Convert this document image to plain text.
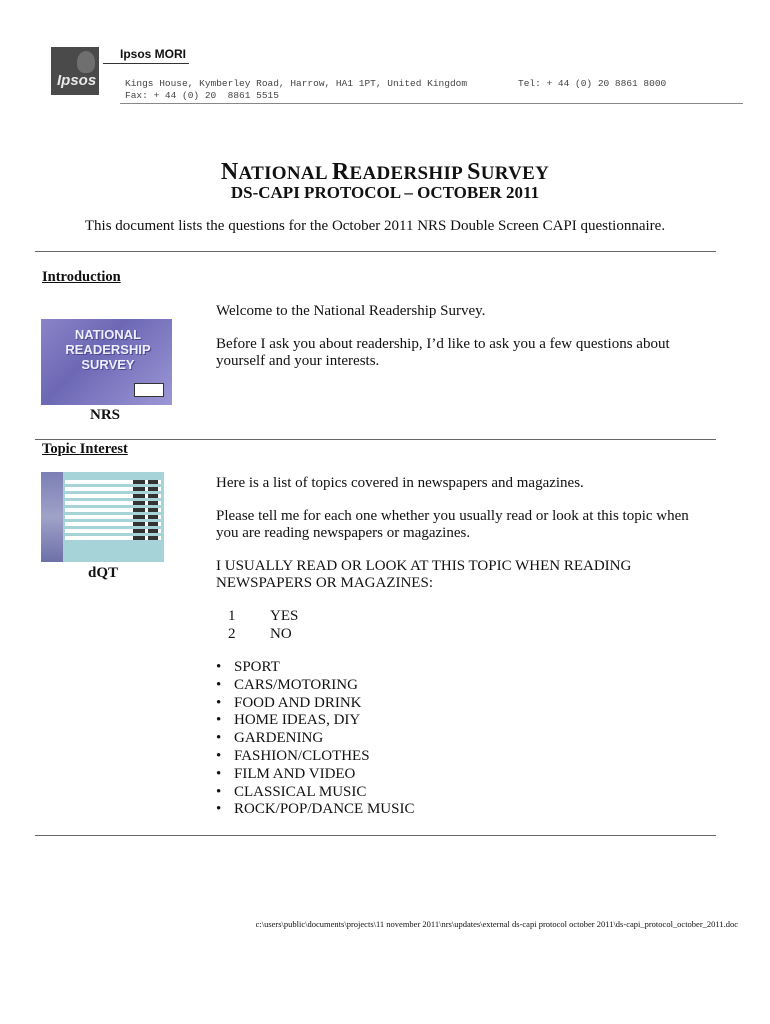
Ipsos
Ipsos MORI
Kings House, Kymberley Road, Harrow, HA1 1PT, United Kingdom	Tel: + 44 (0) 20 8861 8000
Fax: + 44 (0) 20  8861 5515
NATIONAL READERSHIP SURVEY
DS-CAPI PROTOCOL – OCTOBER 2011
This document lists the questions for the October 2011 NRS Double Screen CAPI questionnaire.
Introduction
Welcome to the National Readership Survey.
Before I ask you about readership, I’d like to ask you a few questions about yourself and your interests.
NATIONAL READERSHIP SURVEY
NRS
Topic Interest
Here is a list of topics covered in newspapers and magazines.
Please tell me for each one whether you usually read or look at this topic when you are reading newspapers or magazines.
I USUALLY READ OR LOOK AT THIS TOPIC WHEN READING NEWSPAPERS OR MAGAZINES:
dQT
1 YES
2 NO
• SPORT
• CARS/MOTORING
• FOOD AND DRINK
• HOME IDEAS, DIY
• GARDENING
• FASHION/CLOTHES
• FILM AND VIDEO
• CLASSICAL MUSIC
• ROCK/POP/DANCE MUSIC
c:\users\public\documents\projects\11 november 2011\nrs\updates\external ds-capi protocol october 2011\ds-capi_protocol_october_2011.doc
